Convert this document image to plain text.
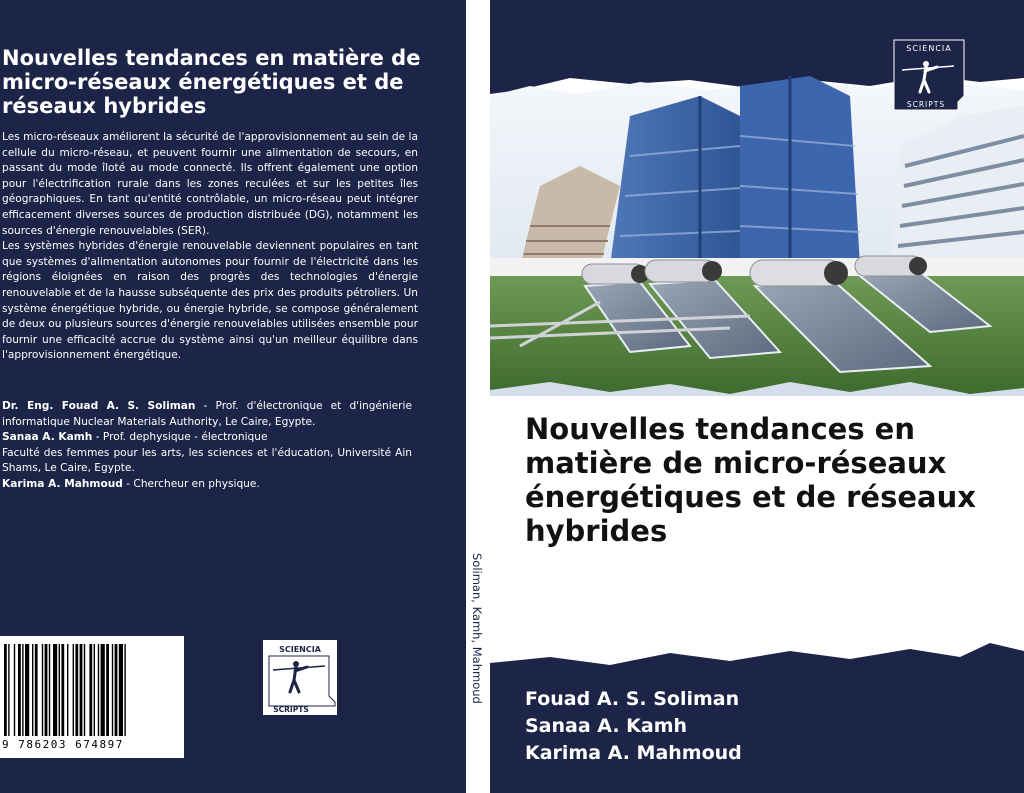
Nouvelles tendances en matière de micro-réseaux énergétiques et de réseaux hybrides

Les micro-réseaux améliorent la sécurité de l'approvisionnement au sein de la cellule du micro-réseau, et peuvent fournir une alimentation de secours, en passant du mode îloté au mode connecté. Ils offrent également une option pour l'électrification rurale dans les zones reculées et sur les petites îles géographiques. En tant qu'entité contrôlable, un micro-réseau peut intégrer efficacement diverses sources de production distribuée (DG), notamment les sources d'énergie renouvelables (SER).

Les systèmes hybrides d'énergie renouvelable deviennent populaires en tant que systèmes d'alimentation autonomes pour fournir de l'électricité dans les régions éloignées en raison des progrès des technologies d'énergie renouvelable et de la hausse subséquente des prix des produits pétroliers. Un système énergétique hybride, ou énergie hybride, se compose généralement de deux ou plusieurs sources d'énergie renouvelables utilisées ensemble pour fournir une efficacité accrue du système ainsi qu'un meilleur équilibre dans l'approvisionnement énergétique.

Dr. Eng. Fouad A. S. Soliman - Prof. d'électronique et d'ingénierie informatique Nuclear Materials Authority, Le Caire, Egypte.

Sanaa A. Kamh - Prof. dephysique - électronique

Faculté des femmes pour les arts, les sciences et l'éducation, Université Ain Shams, Le Caire, Egypte.

Karima A. Mahmoud - Chercheur en physique.

9 786203 674897
SCIENCIA
SCRIPTS
Soliman, Kamh, Mahmoud
SCIENCIA
SCRIPTS
Nouvelles tendances en matière de micro-réseaux énergétiques et de réseaux hybrides
Fouad A. S. Soliman
Sanaa A. Kamh
Karima A. Mahmoud
